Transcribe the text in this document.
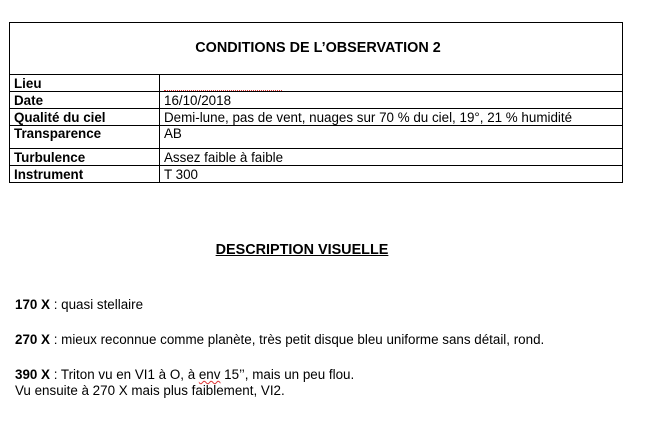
CONDITIONS DE L’OBSERVATION 2	
Lieu	
Date	16/10/2018
Qualité du ciel	Demi-lune, pas de vent, nuages sur 70 % du ciel, 19°, 21 % humidité
Transparence	AB
Turbulence	Assez faible à faible
Instrument	T 300
DESCRIPTION VISUELLE
170 X : quasi stellaire
270 X : mieux reconnue comme planète, très petit disque bleu uniforme sans détail, rond.
390 X : Triton vu en VI1 à O, à env 15’’, mais un peu flou.
Vu ensuite à 270 X mais plus faiblement, VI2.
